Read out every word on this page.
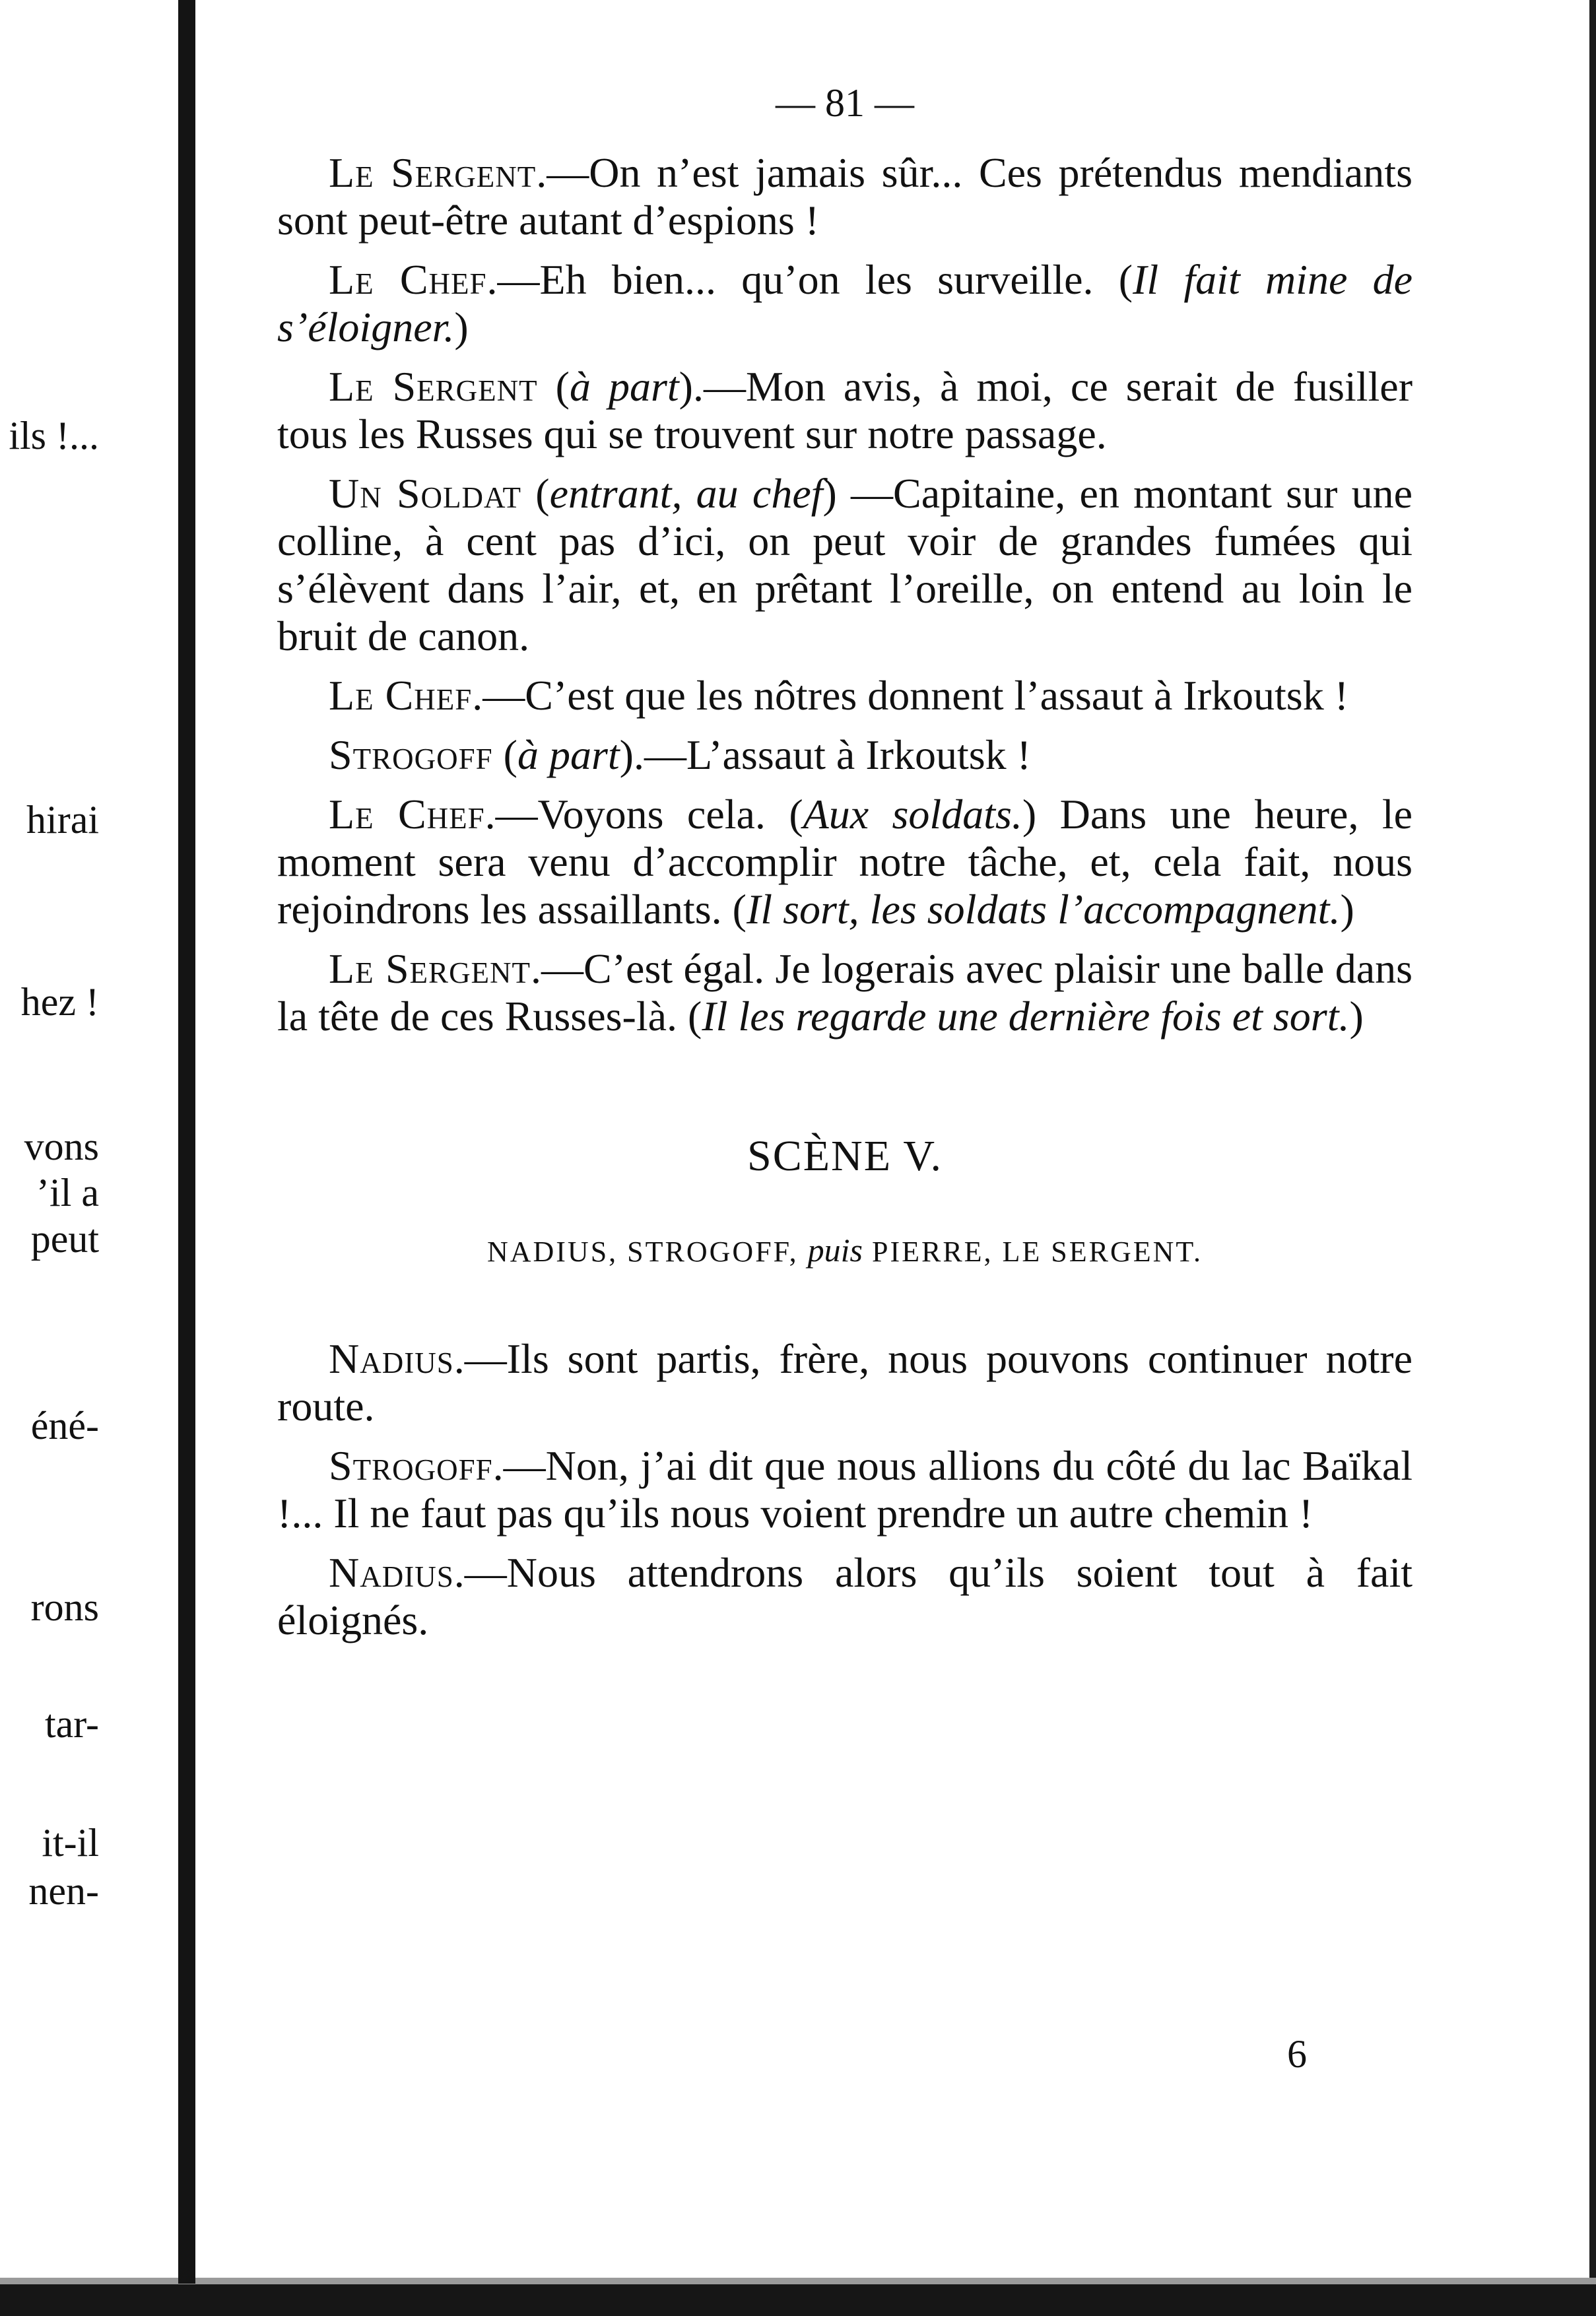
ils !...
hirai
hez !
vons
’il a
peut
éné-
rons
tar-
it-il
nen-
— 81 —

Le Sergent.—On n’est jamais sûr... Ces prétendus mendiants sont peut-être autant d’espions !

Le Chef.—Eh bien... qu’on les surveille. (Il fait mine de s’éloigner.)

Le Sergent (à part).—Mon avis, à moi, ce serait de fusiller tous les Russes qui se trouvent sur notre passage.

Un Soldat (entrant, au chef) —Capitaine, en montant sur une colline, à cent pas d’ici, on peut voir de grandes fumées qui s’élèvent dans l’air, et, en prêtant l’oreille, on entend au loin le bruit de canon.

Le Chef.—C’est que les nôtres donnent l’assaut à Irkoutsk !

Strogoff (à part).—L’assaut à Irkoutsk !

Le Chef.—Voyons cela. (Aux soldats.) Dans une heure, le moment sera venu d’accomplir notre tâche, et, cela fait, nous rejoindrons les assaillants. (Il sort, les soldats l’accompagnent.)

Le Sergent.—C’est égal. Je logerais avec plaisir une balle dans la tête de ces Russes-là. (Il les regarde une dernière fois et sort.)

SCÈNE V.
NADIUS, STROGOFF, puis PIERRE, LE SERGENT.

Nadius.—Ils sont partis, frère, nous pouvons continuer notre route.

Strogoff.—Non, j’ai dit que nous allions du côté du lac Baïkal !... Il ne faut pas qu’ils nous voient prendre un autre chemin !

Nadius.—Nous attendrons alors qu’ils soient tout à fait éloignés.

6
